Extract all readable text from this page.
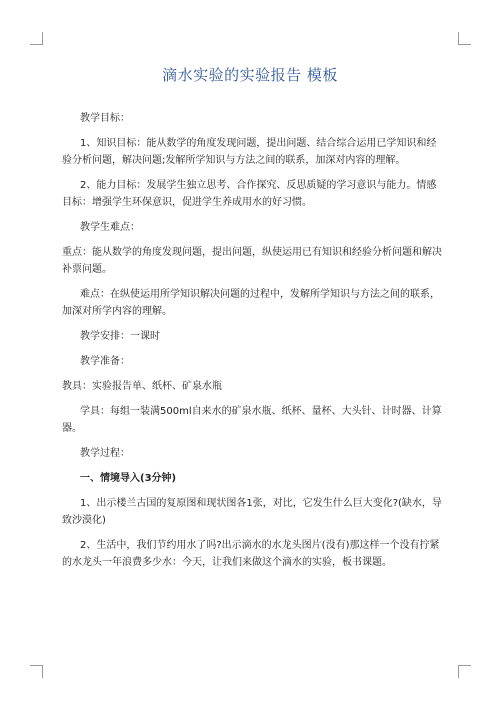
滴水实验的实验报告 模板

教学目标：

1、知识目标：能从数学的角度发现问题，提出问题、结合综合运用已学知识和经验分析问题，解决问题;发解所学知识与方法之间的联系，加深对内容的理解。

2、能力目标：发展学生独立思考、合作探究、反思质疑的学习意识与能力。情感目标：增强学生环保意识，促进学生养成用水的好习惯。

教学生难点：

重点：能从数学的角度发现问题，提出问题，纵使运用已有知识和经验分析问题和解决补票问题。

难点：在纵使运用所学知识解决问题的过程中，发解所学知识与方法之间的联系，加深对所学内容的理解。

教学安排：一课时

教学准备：

教具：实验报告单、纸杯、矿泉水瓶

学具：每组一装满500ml自来水的矿泉水瓶、纸杯、量杯、大头针、计时器、计算器。

教学过程：

一、情境导入(3分钟)

1、出示楼兰古国的复原图和现状图各1张，对比，它发生什么巨大变化?(缺水，导致沙漠化)

2、生活中，我们节约用水了吗?出示滴水的水龙头图片(没有)那这样一个没有拧紧的水龙头一年浪费多少水：今天，让我们来做这个滴水的实验，板书课题。
